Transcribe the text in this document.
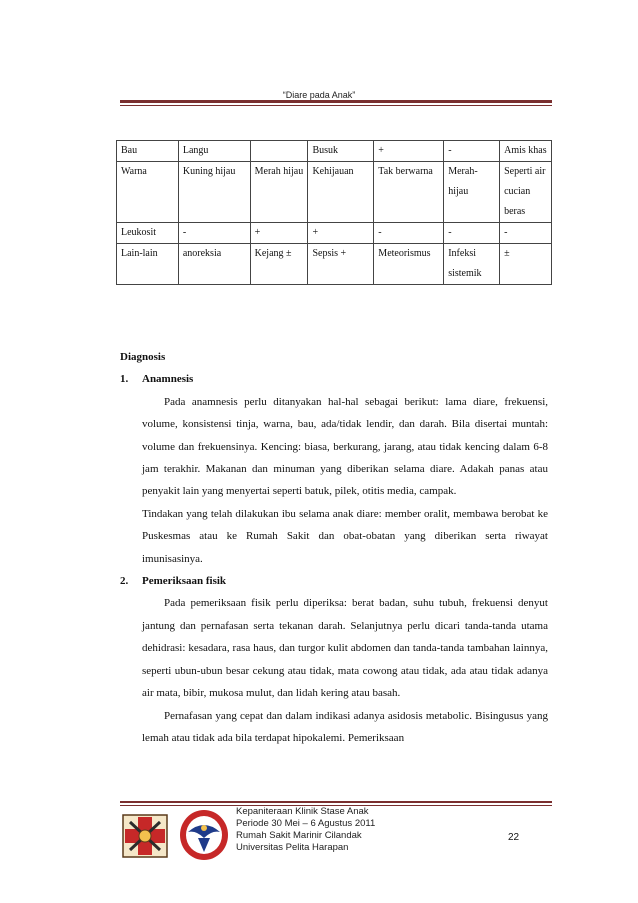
“Diare pada Anak”
Bau	Langu		Busuk	+	-	Amis khas
Warna	Kuning hijau	Merah hijau	Kehijauan	Tak berwarna	Merah-hijau	Seperti air cucian beras
Leukosit	-	+	+	-	-	-
Lain-lain	anoreksia	Kejang ±	Sepsis +	Meteorismus	Infeksi sistemik	±

Diagnosis

1. Anamnesis

Pada anamnesis perlu ditanyakan hal-hal sebagai berikut: lama diare, frekuensi, volume, konsistensi tinja, warna, bau, ada/tidak lendir, dan darah. Bila disertai muntah: volume dan frekuensinya. Kencing: biasa, berkurang, jarang, atau tidak kencing dalam 6-8 jam terakhir. Makanan dan minuman yang diberikan selama diare. Adakah panas atau penyakit lain yang menyertai seperti batuk, pilek, otitis media, campak.

Tindakan yang telah dilakukan ibu selama anak diare: member oralit, membawa berobat ke Puskesmas atau ke Rumah Sakit dan obat-obatan yang diberikan serta riwayat imunisasinya.

2. Pemeriksaan fisik

Pada pemeriksaan fisik perlu diperiksa: berat badan, suhu tubuh, frekuensi denyut jantung dan pernafasan serta tekanan darah. Selanjutnya perlu dicari tanda-tanda utama dehidrasi: kesadara, rasa haus, dan turgor kulit abdomen dan tanda-tanda tambahan lainnya, seperti ubun-ubun besar cekung atau tidak, mata cowong atau tidak, ada atau tidak adanya air mata, bibir, mukosa mulut, dan lidah kering atau basah.

Pernafasan yang cepat dan dalam indikasi adanya asidosis metabolic. Bisingusus yang lemah atau tidak ada bila terdapat hipokalemi. Pemeriksaan

Kepaniteraan Klinik Stase Anak
Periode 30 Mei – 6 Agustus 2011
Rumah Sakit Marinir Cilandak
Universitas Pelita Harapan
22
